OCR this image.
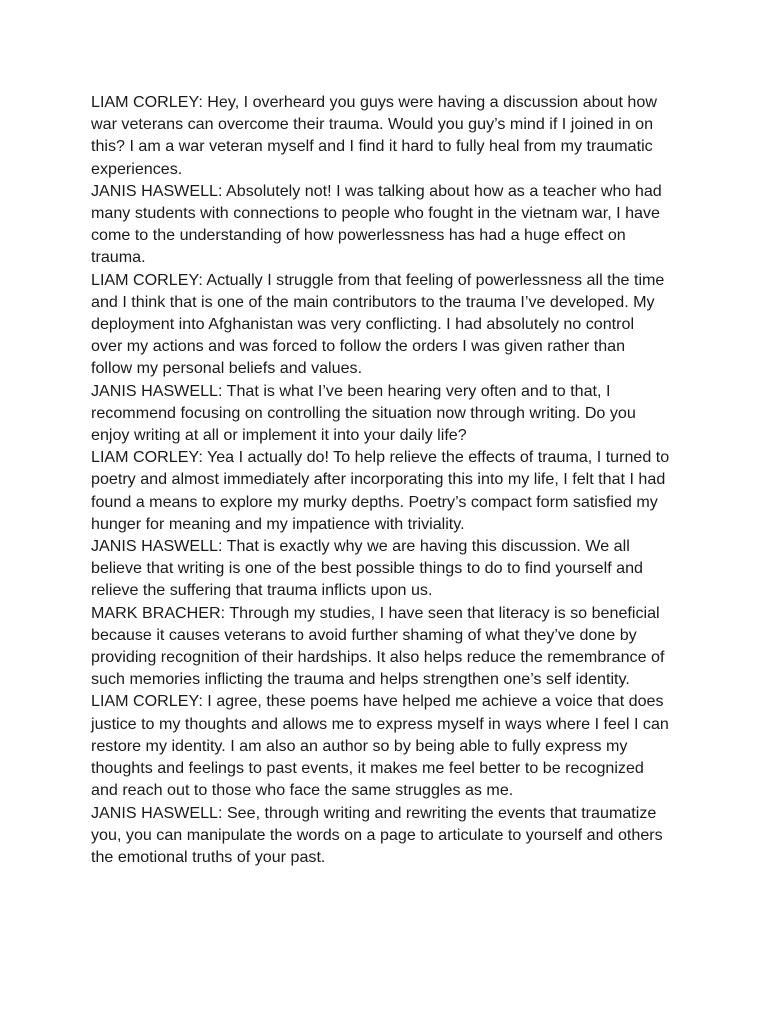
LIAM CORLEY: Hey, I overheard you guys were having a discussion about how
war veterans can overcome their trauma. Would you guy’s mind if I joined in on
this? I am a war veteran myself and I find it hard to fully heal from my traumatic
experiences.

JANIS HASWELL: Absolutely not! I was talking about how as a teacher who had
many students with connections to people who fought in the vietnam war, I have
come to the understanding of how powerlessness has had a huge effect on
trauma.

LIAM CORLEY: Actually I struggle from that feeling of powerlessness all the time
and I think that is one of the main contributors to the trauma I’ve developed. My
deployment into Afghanistan was very conflicting. I had absolutely no control
over my actions and was forced to follow the orders I was given rather than
follow my personal beliefs and values.

JANIS HASWELL: That is what I’ve been hearing very often and to that, I
recommend focusing on controlling the situation now through writing. Do you
enjoy writing at all or implement it into your daily life?

LIAM CORLEY: Yea I actually do! To help relieve the effects of trauma, I turned to
poetry and almost immediately after incorporating this into my life, I felt that I had
found a means to explore my murky depths. Poetry’s compact form satisfied my
hunger for meaning and my impatience with triviality.

JANIS HASWELL: That is exactly why we are having this discussion. We all
believe that writing is one of the best possible things to do to find yourself and
relieve the suffering that trauma inflicts upon us.

MARK BRACHER: Through my studies, I have seen that literacy is so beneficial
because it causes veterans to avoid further shaming of what they’ve done by
providing recognition of their hardships. It also helps reduce the remembrance of
such memories inflicting the trauma and helps strengthen one’s self identity.

LIAM CORLEY: I agree, these poems have helped me achieve a voice that does
justice to my thoughts and allows me to express myself in ways where I feel I can
restore my identity. I am also an author so by being able to fully express my
thoughts and feelings to past events, it makes me feel better to be recognized
and reach out to those who face the same struggles as me.

JANIS HASWELL: See, through writing and rewriting the events that traumatize
you, you can manipulate the words on a page to articulate to yourself and others
the emotional truths of your past.
